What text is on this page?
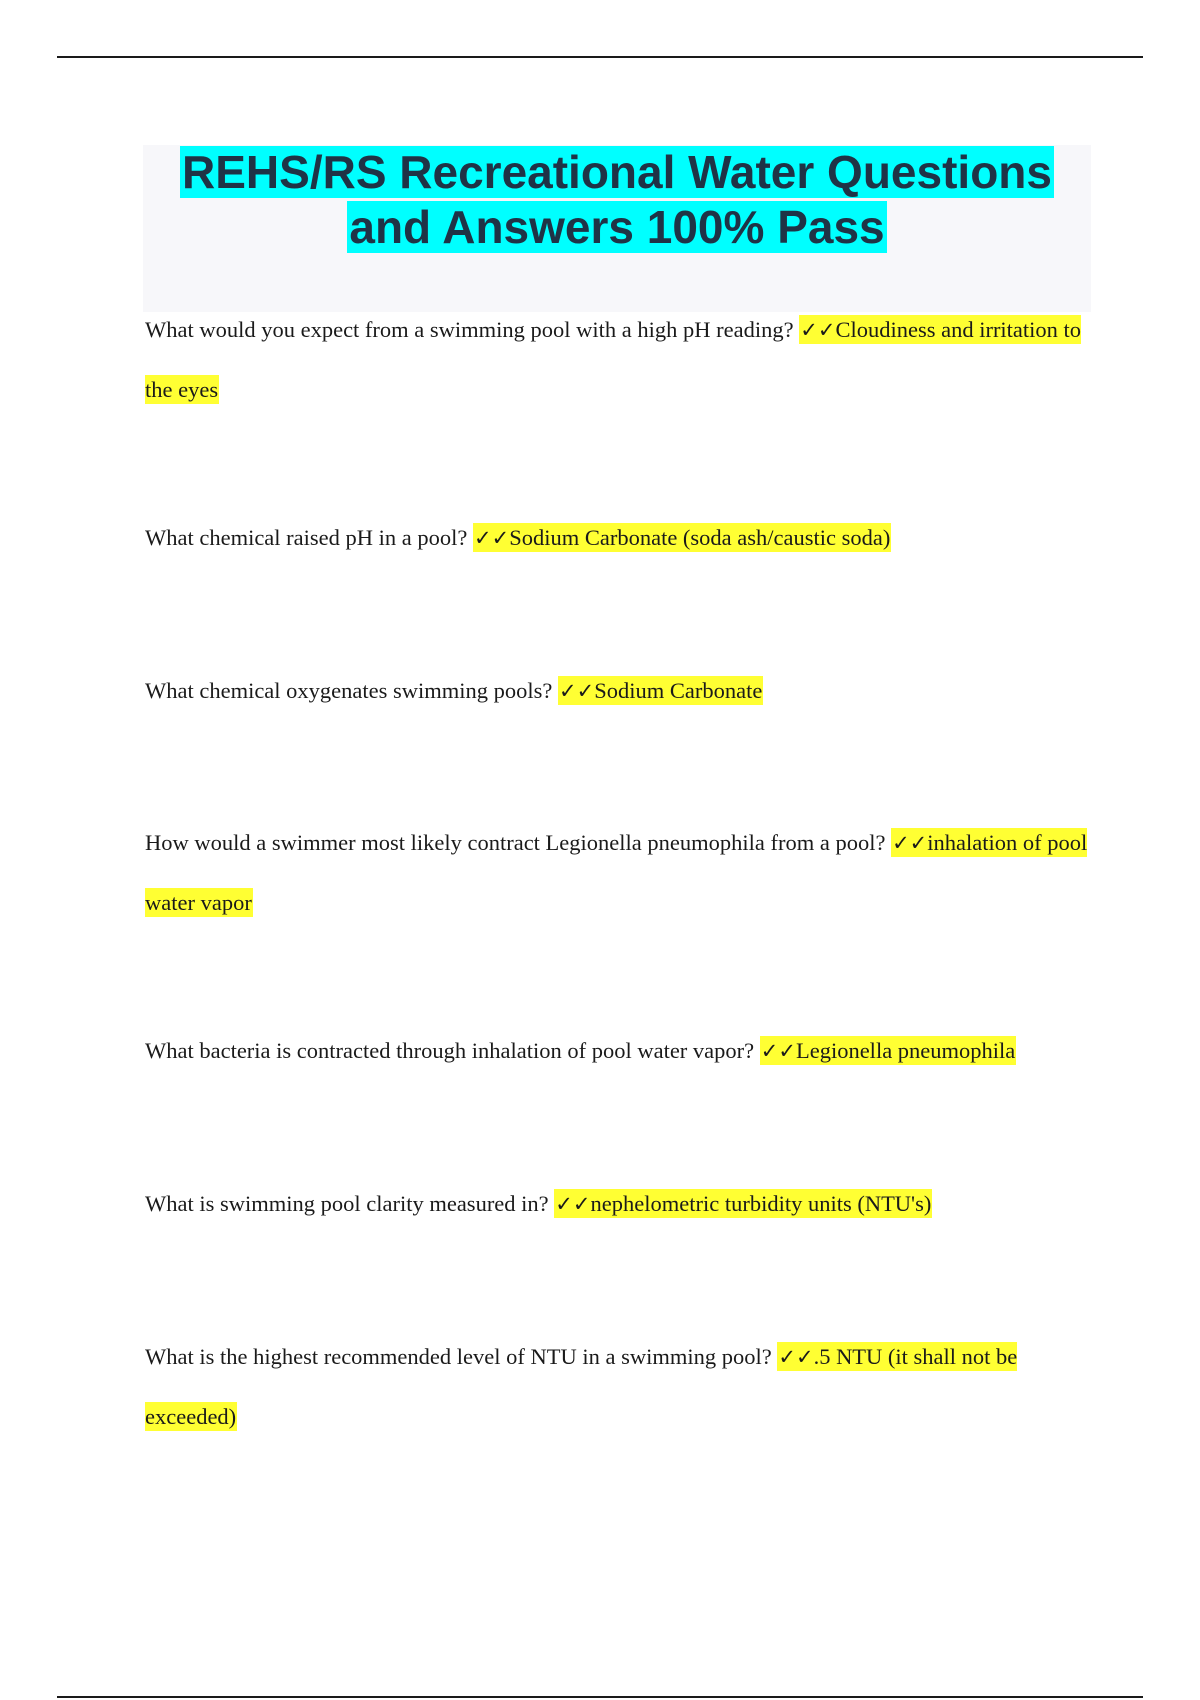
REHS/RS Recreational Water Questions
and Answers 100% Pass

What would you expect from a swimming pool with a high pH reading? ✓✓Cloudiness and irritation to the eyes

What chemical raised pH in a pool? ✓✓Sodium Carbonate (soda ash/caustic soda)

What chemical oxygenates swimming pools? ✓✓Sodium Carbonate

How would a swimmer most likely contract Legionella pneumophila from a pool? ✓✓inhalation of pool water vapor

What bacteria is contracted through inhalation of pool water vapor? ✓✓Legionella pneumophila

What is swimming pool clarity measured in? ✓✓nephelometric turbidity units (NTU's)

What is the highest recommended level of NTU in a swimming pool? ✓✓.5 NTU (it shall not be exceeded)
